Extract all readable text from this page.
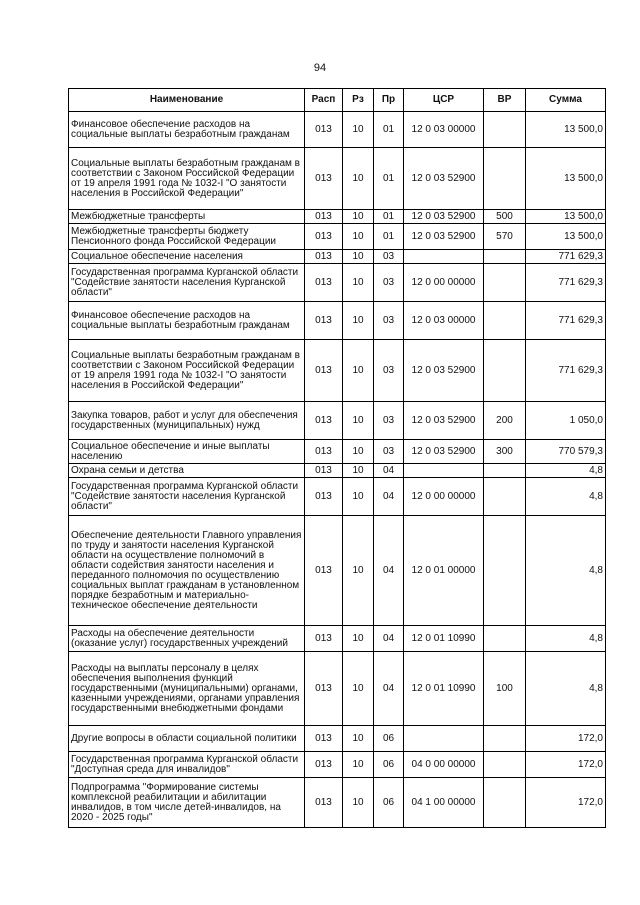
94
Наименование	Расп	Рз	Пр	ЦСР	ВР	Сумма
Финансовое обеспечение расходов на социальные выплаты безработным гражданам	013	10	01	12 0 03 00000		13 500,0
Социальные выплаты безработным гражданам в соответствии с Законом Российской Федерации от 19 апреля 1991 года № 1032-I "О занятости населения в Российской Федерации"	013	10	01	12 0 03 52900		13 500,0
Межбюджетные трансферты	013	10	01	12 0 03 52900	500	13 500,0
Межбюджетные трансферты бюджету Пенсионного фонда Российской Федерации	013	10	01	12 0 03 52900	570	13 500,0
Социальное обеспечение населения	013	10	03			771 629,3
Государственная программа Курганской области "Содействие занятости населения Курганской области"	013	10	03	12 0 00 00000		771 629,3
Финансовое обеспечение расходов на социальные выплаты безработным гражданам	013	10	03	12 0 03 00000		771 629,3
Социальные выплаты безработным гражданам в соответствии с Законом Российской Федерации от 19 апреля 1991 года № 1032-I "О занятости населения в Российской Федерации"	013	10	03	12 0 03 52900		771 629,3
Закупка товаров, работ и услуг для обеспечения государственных (муниципальных) нужд	013	10	03	12 0 03 52900	200	1 050,0
Социальное обеспечение и иные выплаты населению	013	10	03	12 0 03 52900	300	770 579,3
Охрана семьи и детства	013	10	04			4,8
Государственная программа Курганской области "Содействие занятости населения Курганской области"	013	10	04	12 0 00 00000		4,8
Обеспечение деятельности Главного управления по труду и занятости населения Курганской области на осуществление полномочий в области содействия занятости населения и переданного полномочия по осуществлению социальных выплат гражданам в установленном порядке безработным и материально-техническое обеспечение деятельности	013	10	04	12 0 01 00000		4,8
Расходы на обеспечение деятельности (оказание услуг) государственных учреждений	013	10	04	12 0 01 10990		4,8
Расходы на выплаты персоналу в целях обеспечения выполнения функций государственными (муниципальными) органами, казенными учреждениями, органами управления государственными внебюджетными фондами	013	10	04	12 0 01 10990	100	4,8
Другие вопросы в области социальной политики	013	10	06			172,0
Государственная программа Курганской области "Доступная среда для инвалидов"	013	10	06	04 0 00 00000		172,0
Подпрограмма "Формирование системы комплексной реабилитации и абилитации инвалидов, в том числе детей-инвалидов, на 2020 - 2025 годы"	013	10	06	04 1 00 00000		172,0
